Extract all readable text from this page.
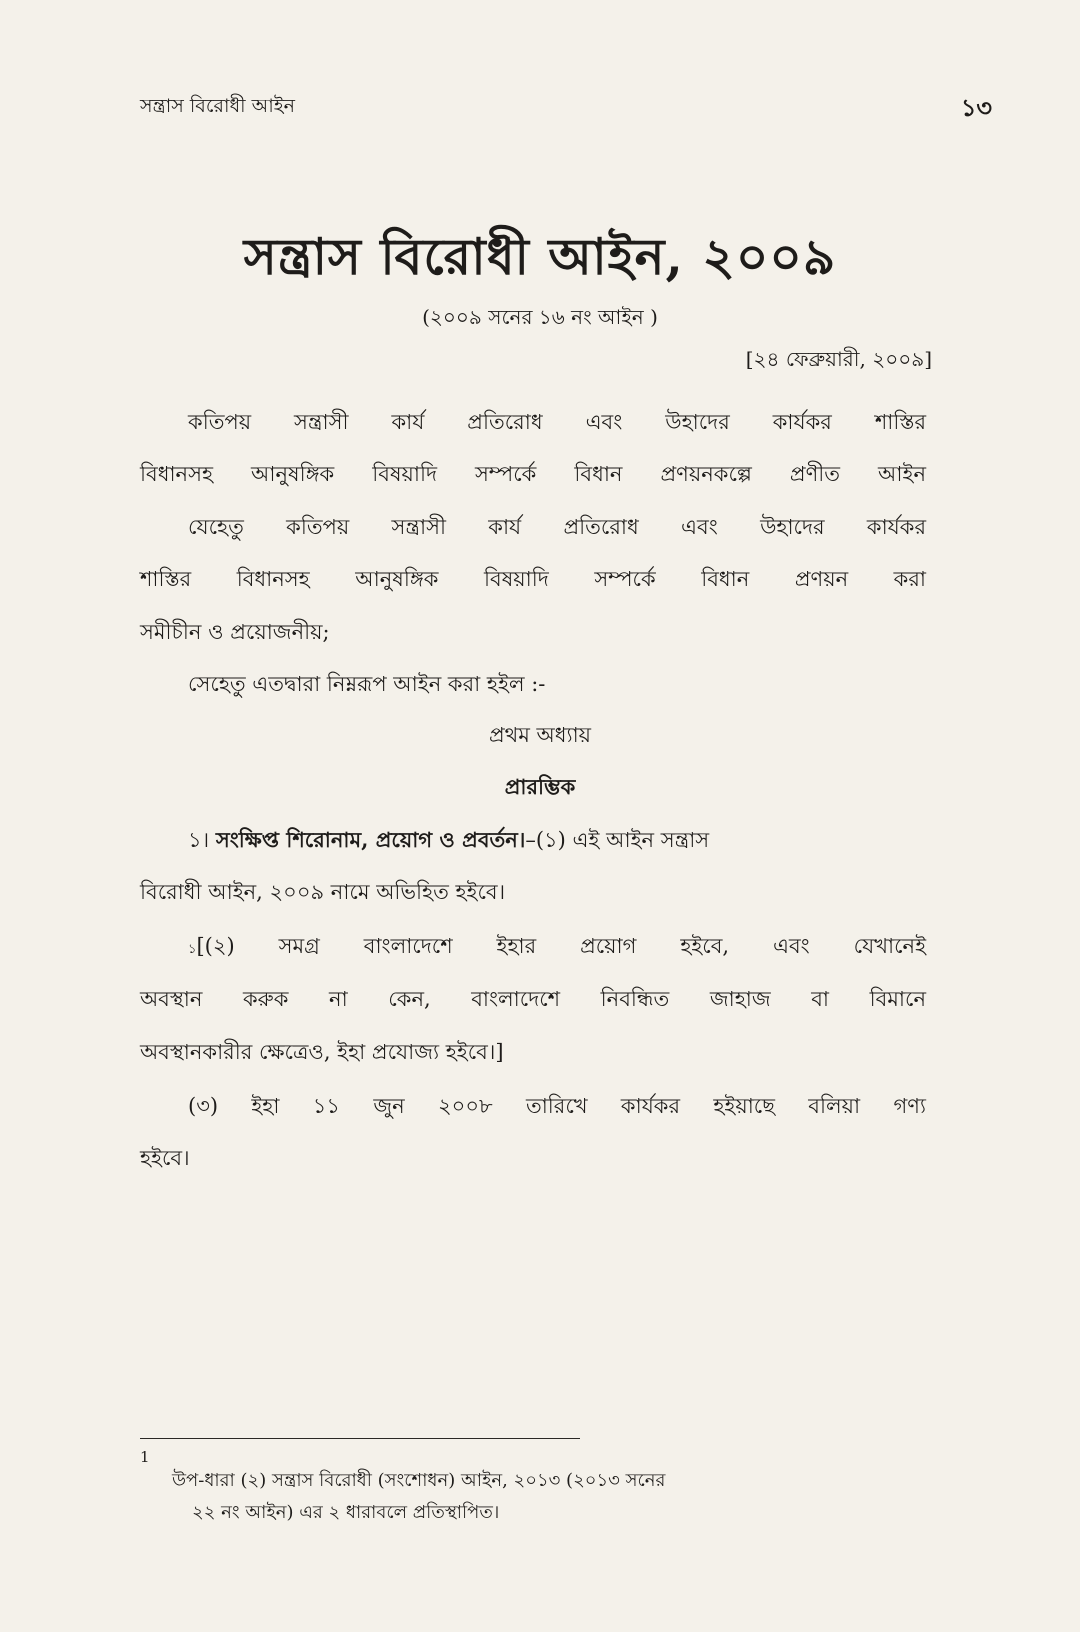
সন্ত্রাস বিরোধী আইন	১৩
সন্ত্রাস বিরোধী আইন, ২০০৯
(২০০৯ সনের ১৬ নং আইন )
[২৪ ফেব্রুয়ারী, ২০০৯]
কতিপয় সন্ত্রাসী কার্য প্রতিরোধ এবং উহাদের কার্যকর শাস্তির
বিধানসহ আনুষঙ্গিক বিষয়াদি সম্পর্কে বিধান প্রণয়নকল্পে প্রণীত আইন
যেহেতু কতিপয় সন্ত্রাসী কার্য প্রতিরোধ এবং উহাদের কার্যকর
শাস্তির বিধানসহ আনুষঙ্গিক বিষয়াদি সম্পর্কে বিধান প্রণয়ন করা
সমীচীন ও প্রয়োজনীয়;
সেহেতু এতদ্বারা নিম্নরূপ আইন করা হইল :-
প্রথম অধ্যায়
প্রারম্ভিক
১। সংক্ষিপ্ত শিরোনাম, প্রয়োগ ও প্রবর্তন।–(১) এই আইন সন্ত্রাস
বিরোধী আইন, ২০০৯ নামে অভিহিত হইবে।
১ [(২) সমগ্র বাংলাদেশে ইহার প্রয়োগ হইবে, এবং যেখানেই
অবস্থান করুক না কেন, বাংলাদেশে নিবন্ধিত জাহাজ বা বিমানে
অবস্থানকারীর ক্ষেত্রেও, ইহা প্রযোজ্য হইবে।]
(৩) ইহা ১১ জুন ২০০৮ তারিখে কার্যকর হইয়াছে বলিয়া গণ্য
হইবে।
1
উপ-ধারা (২) সন্ত্রাস বিরোধী (সংশোধন) আইন, ২০১৩ (২০১৩ সনের
২২ নং আইন) এর ২ ধারাবলে প্রতিস্থাপিত।
